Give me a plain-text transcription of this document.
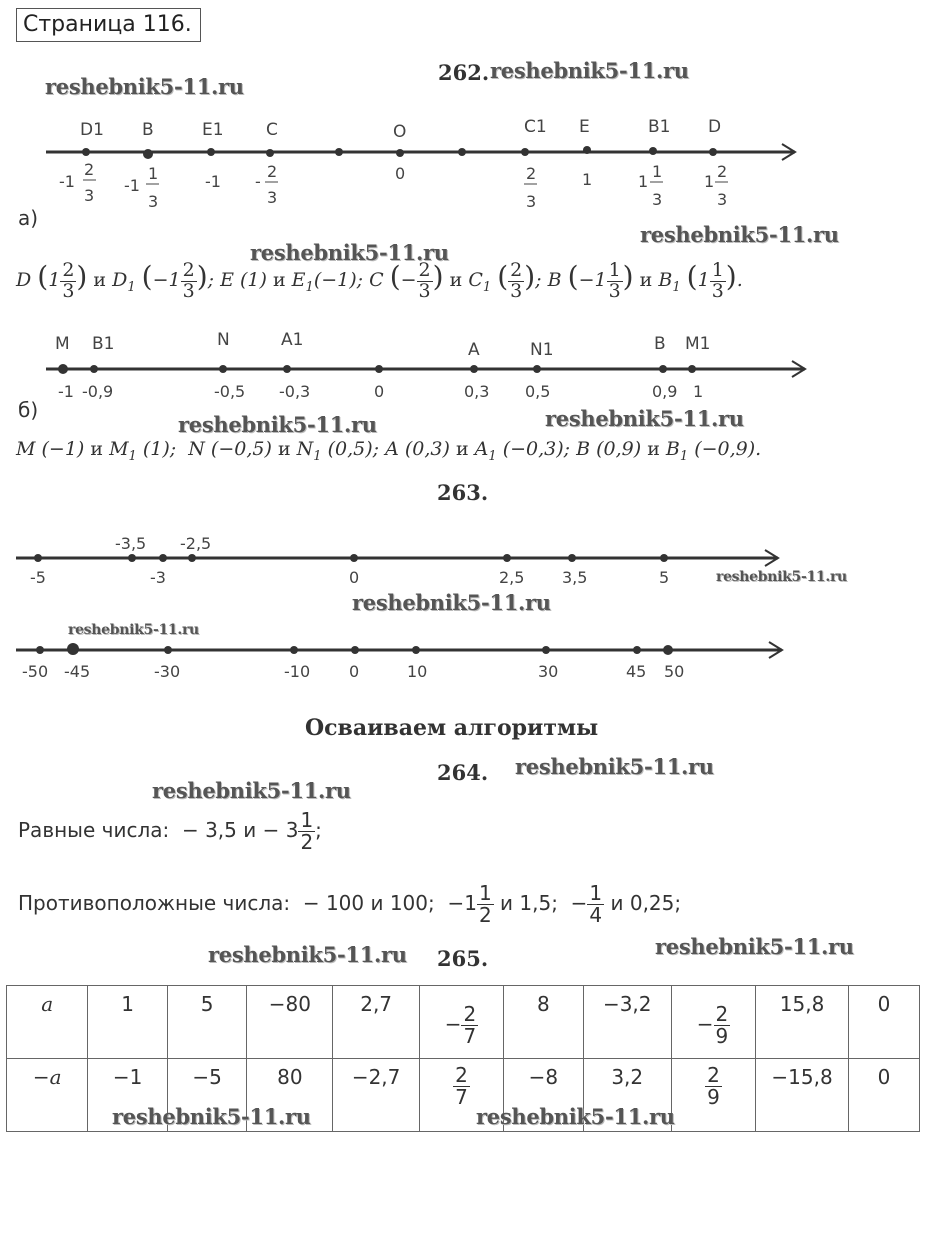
Страница 116.
262. reshebnik5-11.ru
reshebnik5-11.ru
D1 B	E1 C	O	C1 E	B1 D
-1
2
3
-1
1
3
-1 -
2
3
0	2
3
1	1
1
3
1
2
3
а)
reshebnik5-11.ru
reshebnik5-11.ru
D ($1 \frac{2}{3}$ ) и $D_1$ ($-1 \frac{2}{3}$ ); E (1) и $E_1(-1)$; C (− $\frac{2}{3}$ ) и $C_1$ ( $\frac{2}{3}$ ); B ($-1 \frac{1}{3}$ ) и $B_1$ ($1 \frac{1}{3}$ ).
M B1	N	A1	A	N1	B M1
-1 -0,9	-0,5 -0,3	0	0,3 0,5	0,9 1
б)
reshebnik5-11.ru	reshebnik5-11.ru
M (−1) и $M_1$ (1);  N (−0,5) и $N_1$ (0,5); A (0,3) и $A_1$ (−0,3); B (0,9) и $B_1$ (−0,9).
263.
-3,5 -2,5
-5	-3	0	2,5 3,5	5	reshebnik5-11.ru
reshebnik5-11.ru
reshebnik5-11.ru
-50 -45	-30	-10 0	10	30	45 50
Осваиваем алгоритмы
264. reshebnik5-11.ru
reshebnik5-11.ru
Равные числа:  − 3,5 $и - 3 \frac{1}{2}$ ;
Противоположные числа:  − 100 и 100;  $-1 \frac{1}{2}$ и 1,5;  − $\frac{1}{4}$ и 0,25;
reshebnik5-11.ru 265.	reshebnik5-11.ru
a	1	5	−80	2,7	− $\frac{2}{7}$	8	−3,2	− $\frac{2}{9}$	15,8	0
−a	−1	−5	80	−2,7	$\frac{2}{7}$	−8	3,2	$\frac{2}{9}$	−15,8	0
reshebnik5-11.ru	reshebnik5-11.ru
